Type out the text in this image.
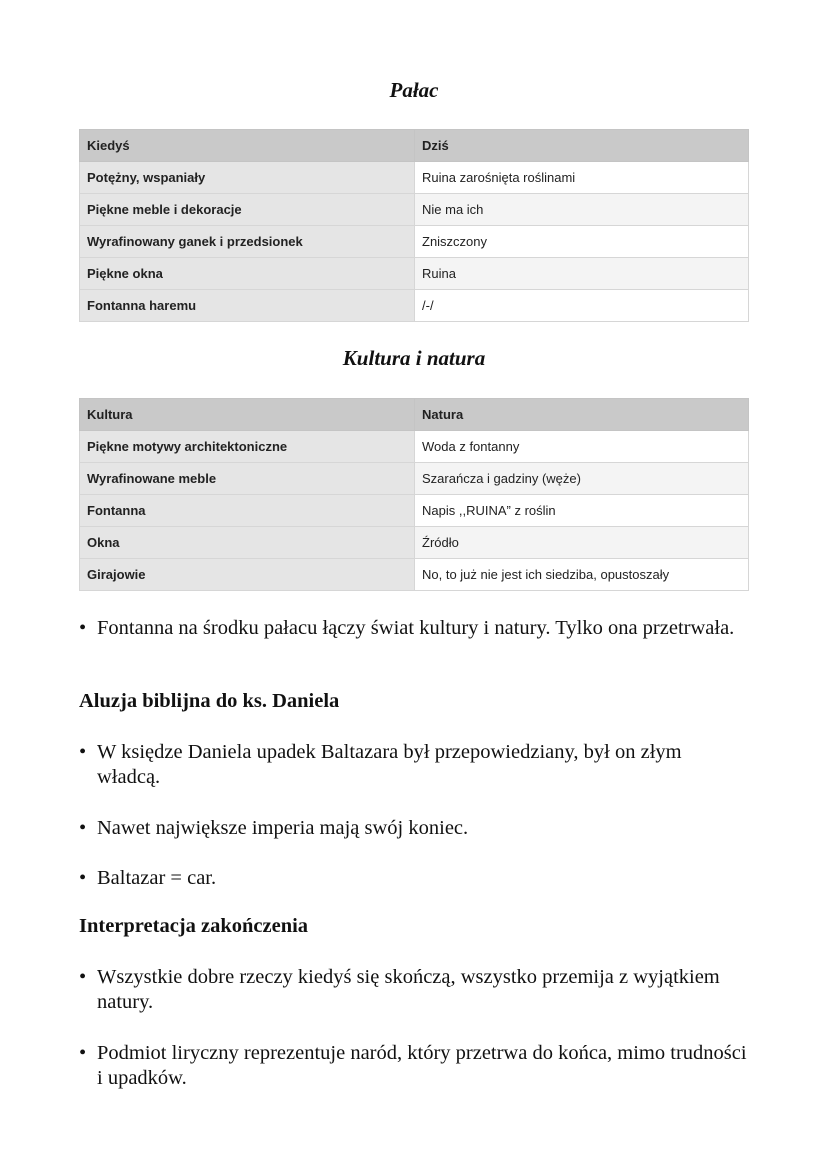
Pałac
Kiedyś	Dziś
Potężny, wspaniały	Ruina zarośnięta roślinami
Piękne meble i dekoracje	Nie ma ich
Wyrafinowany ganek i przedsionek	Zniszczony
Piękne okna	Ruina
Fontanna haremu	/-/
Kultura i natura
Kultura	Natura
Piękne motywy architektoniczne	Woda z fontanny
Wyrafinowane meble	Szarańcza i gadziny (węże)
Fontanna	Napis ,,RUINA” z roślin
Okna	Źródło
Girajowie	No, to już nie jest ich siedziba, opustoszały
• Fontanna na środku pałacu łączy świat kultury i natury. Tylko ona przetrwała.
Aluzja biblijna do ks. Daniela
• W księdze Daniela upadek Baltazara był przepowiedziany, był on złym władcą.
• Nawet największe imperia mają swój koniec.
• Baltazar = car.
Interpretacja zakończenia
• Wszystkie dobre rzeczy kiedyś się skończą, wszystko przemija z wyjątkiem natury.
• Podmiot liryczny reprezentuje naród, który przetrwa do końca, mimo trudności i upadków.
